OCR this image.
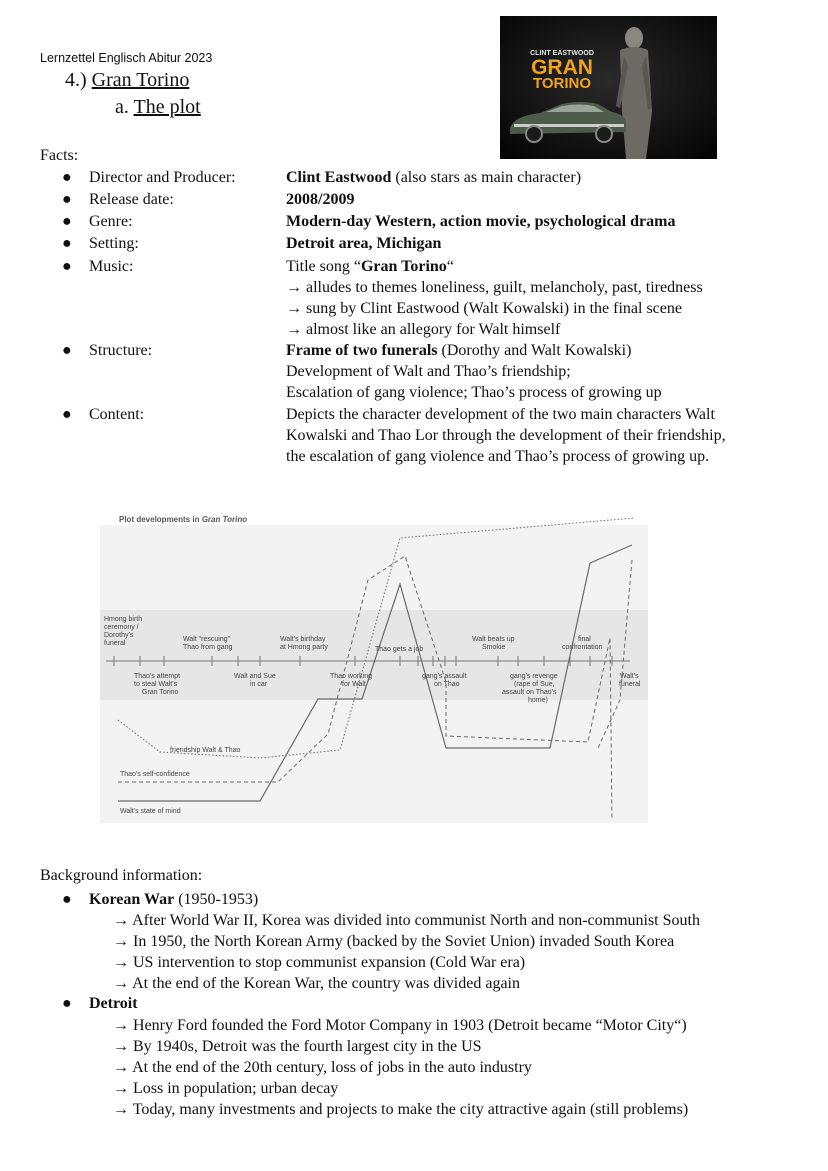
Lernzettel Englisch Abitur 2023
4.) Gran Torino
a. The plot
CLINT EASTWOOD
GRAN
TORINO
Facts:
● Director and Producer:	Clint Eastwood (also stars as main character)
● Release date:	2008/2009
● Genre:	Modern-day Western, action movie, psychological drama
● Setting:	Detroit area, Michigan
● Music:	Title song “Gran Torino“
→ alludes to themes loneliness, guilt, melancholy, past, tiredness
→ sung by Clint Eastwood (Walt Kowalski) in the final scene
→ almost like an allegory for Walt himself
● Structure:	Frame of two funerals (Dorothy and Walt Kowalski)
Development of Walt and Thao’s friendship;
Escalation of gang violence; Thao’s process of growing up
● Content:	Depicts the character development of the two main characters Walt
Kowalski and Thao Lor through the development of their friendship,
the escalation of gang violence and Thao’s process of growing up.
Plot developments in Gran Torino
Hmong birth ceremony / Dorothy's funeral
Walt "rescuing" Thao from gang
Walt's birthday at Hmong party	Thao gets a job
Walt beats up Smokie
final confrontation
Thao's attempt to steal Walt's Gran Torino
Walt and Sue in car
Thao working for Walt
gang's assault on Thao
gang's revenge (rape of Sue, assault on Thao's home)
Walt's funeral
friendship Walt & Thao
Thao's self-confidence
Walt's state of mind
Background information:
● Korean War (1950-1953)
→ After World War II, Korea was divided into communist North and non-communist South
→ In 1950, the North Korean Army (backed by the Soviet Union) invaded South Korea
→ US intervention to stop communist expansion (Cold War era)
→ At the end of the Korean War, the country was divided again
● Detroit
→ Henry Ford founded the Ford Motor Company in 1903 (Detroit became “Motor City“)
→ By 1940s, Detroit was the fourth largest city in the US
→ At the end of the 20th century, loss of jobs in the auto industry
→ Loss in population; urban decay
→ Today, many investments and projects to make the city attractive again (still problems)
